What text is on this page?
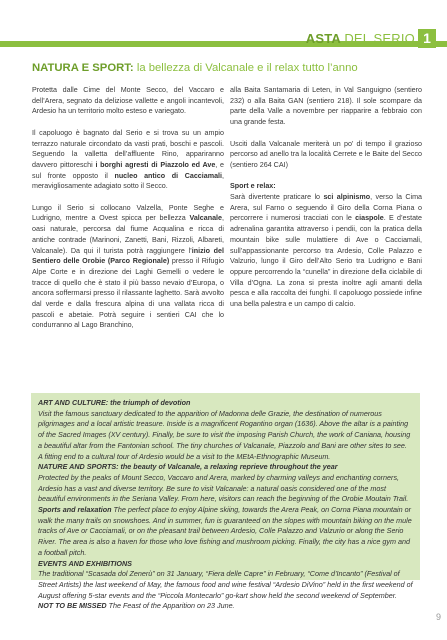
ASTA DEL SERIO 1
NATURA E SPORT: la bellezza di Valcanale e il relax tutto l’anno

Protetta dalle Cime del Monte Secco, del Vaccaro e dell’Arera, segnato da deliziose vallette e angoli incantevoli, Ardesio ha un territorio molto esteso e variegato.

Il capoluogo è bagnato dal Serio e si trova su un ampio terrazzo naturale circondato da vasti prati, boschi e pascoli. Seguendo la valletta dell’affluente Rino, appariranno davvero pittoreschi i borghi agresti di Piazzolo ed Ave, e sul fronte opposto il nucleo antico di Cacciamali, meravigliosamente adagiato sotto il Secco.

Lungo il Serio si collocano Valzella, Ponte Seghe e Ludrigno, mentre a Ovest spicca per bellezza Valcanale, oasi naturale, percorsa dal fiume Acqualina e ricca di antiche contrade (Marinoni, Zanetti, Bani, Rizzoli, Albareti, Valcanale). Da qui il turista potrà raggiungere l’inizio del Sentiero delle Orobie (Parco Regionale) presso il Rifugio Alpe Corte e in direzione dei Laghi Gemelli o vedere le tracce di quello che è stato il più basso nevaio d’Europa, o ancora soffermarsi presso il rilassante laghetto. Sarà avvolto dal verde e dalla frescura alpina di una vallata ricca di pascoli e abetaie. Potrà seguire i sentieri CAI che lo condurranno al Lago Branchino,

alla Baita Santamaria di Leten, in Val Sanguigno (sentiero 232) o alla Baita GAN (sentiero 218). Il sole scompare da parte della Valle a novembre per riapparire a febbraio con una grande festa.

Usciti dalla Valcanale meriterà un po’ di tempo il grazioso percorso ad anello tra la località Cerrete e le Baite del Secco (sentiero 264 CAI)

Sport e relax:

Sarà divertente praticare lo sci alpinismo, verso la Cima Arera, sul Farno o seguendo il Giro della Corna Piana o percorrere i numerosi tracciati con le ciaspole. E d’estate adrenalina garantita attraverso i pendii, con la pratica della mountain bike sulle mulattiere di Ave o Cacciamali, sull’appassionante percorso tra Ardesio, Colle Palazzo e Valzurio, lungo il Giro dell’Alto Serio tra Ludrigno e Bani oppure percorrendo la “cunella” in direzione della ciclabile di Villa d’Ogna. La zona si presta inoltre agli amanti della pesca e alla raccolta dei funghi. Il capoluogo possiede infine una bella palestra e un campo di calcio.

ART AND CULTURE: the triumph of devotion

Visit the famous sanctuary dedicated to the apparition of Madonna delle Grazie, the destination of numerous pilgrimages and a local artistic treasure. Inside is a magnificent Rogantino organ (1636). Above the altar is a painting of the Sacred Images (XV century). Finally, be sure to visit the imposing Parish Church, the work of Caniana, housing a beautiful altar from the Fantonian school. The tiny churches of Valcanale, Piazzolo and Bani are other sites to see. A fitting end to a cultural tour of Ardesio would be a visit to the MEtA-Ethnographic Museum.

NATURE AND SPORTS: the beauty of Valcanale, a relaxing reprieve throughout the year

Protected by the peaks of Mount Secco, Vaccaro and Arera, marked by charming valleys and enchanting corners, Ardesio has a vast and diverse territory. Be sure to visit Valcanale: a natural oasis considered one of the most beautiful environments in the Seriana Valley. From here, visitors can reach the beginning of the Orobie Moutain Trail.

Sports and relaxation The perfect place to enjoy Alpine skiing, towards the Arera Peak, on Corna Piana mountain or walk the many trails on snowshoes. And in summer, fun is guaranteed on the slopes with mountain biking on the mule tracks of Ave or Cacciamali, or on the pleasant trail between Ardesio, Colle Palazzo and Valzurio or along the Serio River. The area is also a haven for those who love fishing and mushroom picking. Finally, the city has a nice gym and a football pitch.

EVENTS AND EXHIBITIONS

The traditional “Scasada dol Zenerù” on 31 January, “Fiera delle Capre” in February, “Come d’Incanto” (Festival of Street Artists) the last weekend of May, the famous food and wine festival “Ardesio DiVino” held in the first weekend of August offering 5-star events and the “Piccola Montecarlo” go-kart show held the second weekend of September.

NOT TO BE MISSED The Feast of the Apparition on 23 June.

9
